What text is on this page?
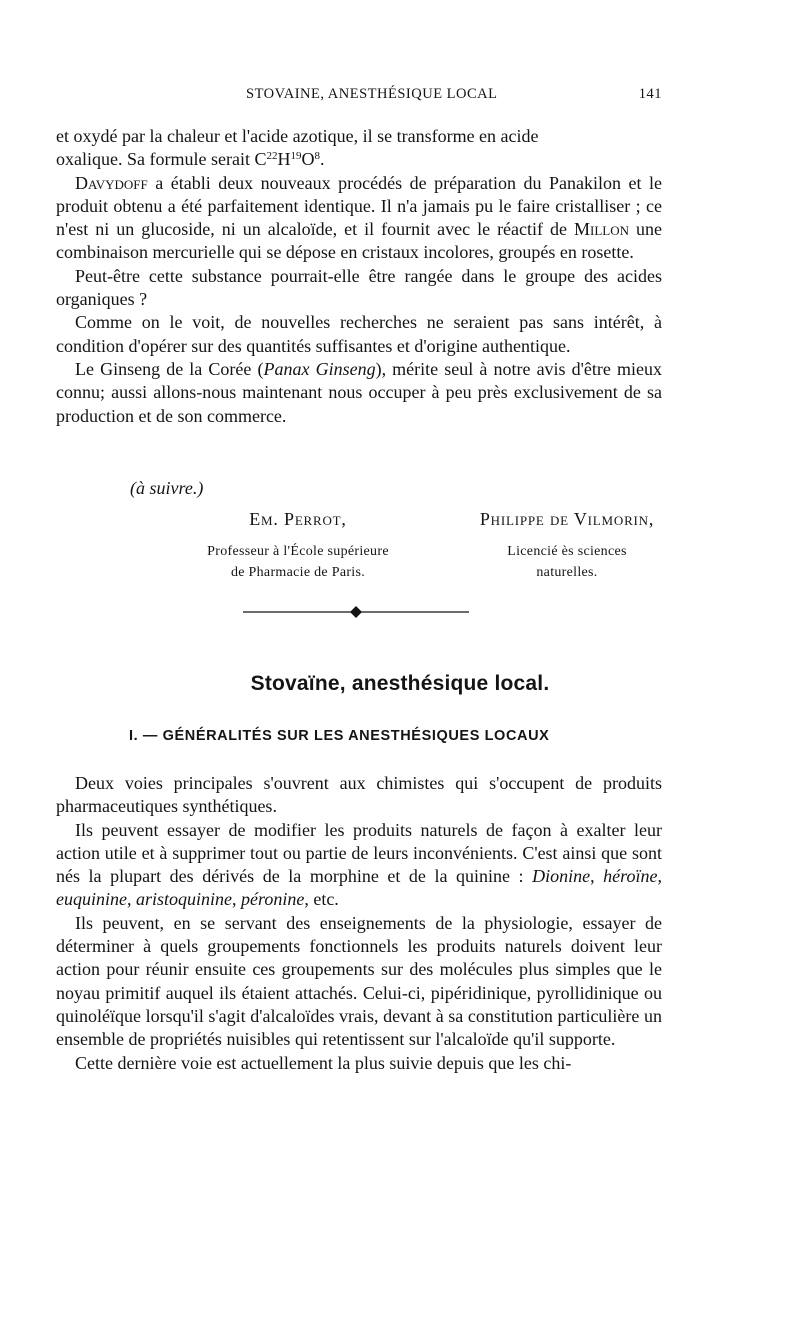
STOVAINE, ANESTHÉSIQUE LOCAL	141

et oxydé par la chaleur et l'acide azotique, il se transforme en acide
oxalique. Sa formule serait $C^{22}H^{19}O^8$.

Davydoff a établi deux nouveaux procédés de préparation du Panakilon et le produit obtenu a été parfaitement identique. Il n'a jamais pu le faire cristalliser ; ce n'est ni un glucoside, ni un alcaloïde, et il fournit avec le réactif de Millon une combinaison mercurielle qui se dépose en cristaux incolores, groupés en rosette.

Peut-être cette substance pourrait-elle être rangée dans le groupe des acides organiques ?

Comme on le voit, de nouvelles recherches ne seraient pas sans intérêt, à condition d'opérer sur des quantités suffisantes et d'origine authentique.

Le Ginseng de la Corée (Panax Ginseng), mérite seul à notre avis d'être mieux connu; aussi allons-nous maintenant nous occuper à peu près exclusivement de sa production et de son commerce.

(à suivre.)
Em. Perrot,
Professeur à l'École supérieure
de Pharmacie de Paris.
Philippe de Vilmorin,
Licencié ès sciences
naturelles.
Stovaïne, anesthésique local.
I. — GÉNÉRALITÉS SUR LES ANESTHÉSIQUES LOCAUX

Deux voies principales s'ouvrent aux chimistes qui s'occupent de produits pharmaceutiques synthétiques.

Ils peuvent essayer de modifier les produits naturels de façon à exalter leur action utile et à supprimer tout ou partie de leurs inconvénients. C'est ainsi que sont nés la plupart des dérivés de la morphine et de la quinine : Dionine, héroïne, euquinine, aristoquinine, péronine, etc.

Ils peuvent, en se servant des enseignements de la physiologie, essayer de déterminer à quels groupements fonctionnels les produits naturels doivent leur action pour réunir ensuite ces groupements sur des molécules plus simples que le noyau primitif auquel ils étaient attachés. Celui-ci, pipéridinique, pyrollidinique ou quinoléïque lorsqu'il s'agit d'alcaloïdes vrais, devant à sa constitution particulière un ensemble de propriétés nuisibles qui retentissent sur l'alcaloïde qu'il supporte.

Cette dernière voie est actuellement la plus suivie depuis que les chi-
